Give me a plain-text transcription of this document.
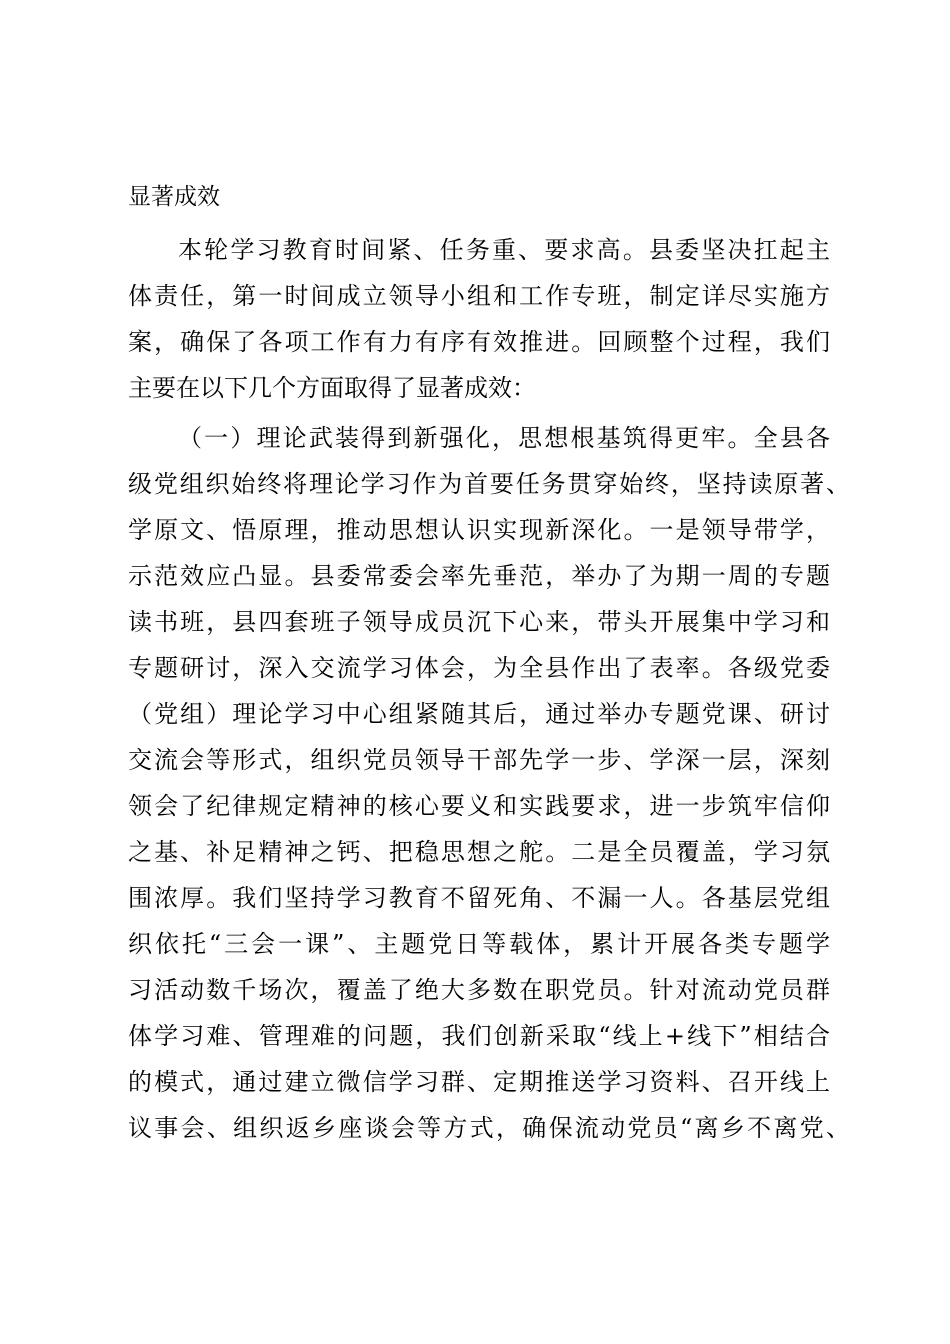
显著成效
本轮学习教育时间紧、任务重、要求高。县委坚决扛起主
体责任，第一时间成立领导小组和工作专班，制定详尽实施方
案，确保了各项工作有力有序有效推进。回顾整个过程，我们
主要在以下几个方面取得了显著成效：
（一）理论武装得到新强化，思想根基筑得更牢。全县各
级党组织始终将理论学习作为首要任务贯穿始终，坚持读原著、
学原文、悟原理，推动思想认识实现新深化。一是领导带学，
示范效应凸显。县委常委会率先垂范，举办了为期一周的专题
读书班，县四套班子领导成员沉下心来，带头开展集中学习和
专题研讨，深入交流学习体会，为全县作出了表率。各级党委
（党组）理论学习中心组紧随其后，通过举办专题党课、研讨
交流会等形式，组织党员领导干部先学一步、学深一层，深刻
领会了纪律规定精神的核心要义和实践要求，进一步筑牢信仰
之基、补足精神之钙、把稳思想之舵。二是全员覆盖，学习氛
围浓厚。我们坚持学习教育不留死角、不漏一人。各基层党组
织依托“三会一课”、主题党日等载体，累计开展各类专题学
习活动数千场次，覆盖了绝大多数在职党员。针对流动党员群
体学习难、管理难的问题，我们创新采取“线上+线下”相结合
的模式，通过建立微信学习群、定期推送学习资料、召开线上
议事会、组织返乡座谈会等方式，确保流动党员“离乡不离党、
